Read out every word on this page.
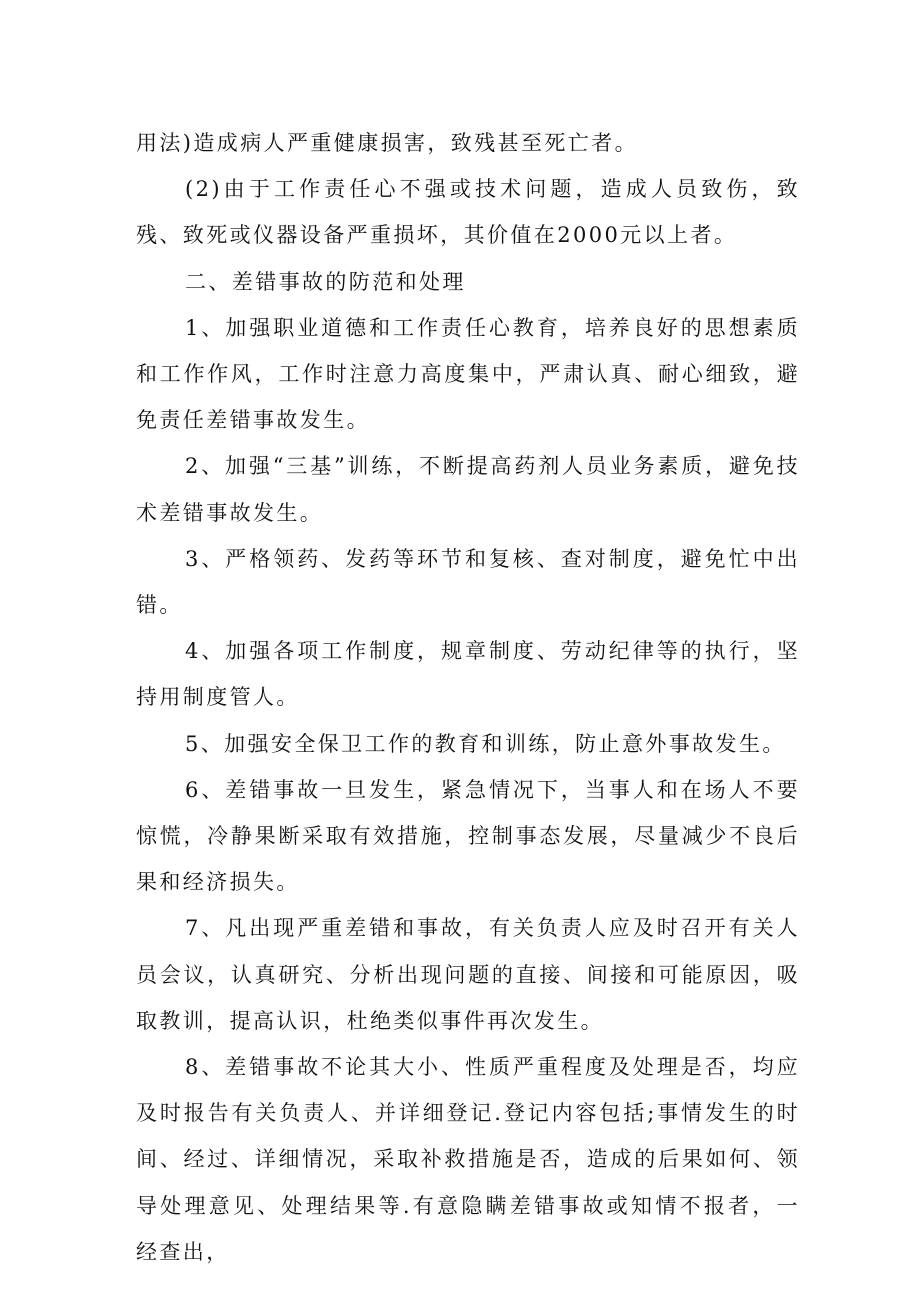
用法)造成病人严重健康损害，致残甚至死亡者。

(2)由于工作责任心不强或技术问题，造成人员致伤，致残、致死或仪器设备严重损坏，其价值在2000元以上者。

二、差错事故的防范和处理

1、加强职业道德和工作责任心教育，培养良好的思想素质和工作作风，工作时注意力高度集中，严肃认真、耐心细致，避免责任差错事故发生。

2、加强“三基”训练，不断提高药剂人员业务素质，避免技术差错事故发生。

3、严格领药、发药等环节和复核、查对制度，避免忙中出错。

4、加强各项工作制度，规章制度、劳动纪律等的执行，坚持用制度管人。

5、加强安全保卫工作的教育和训练，防止意外事故发生。

6、差错事故一旦发生，紧急情况下，当事人和在场人不要惊慌，冷静果断采取有效措施，控制事态发展，尽量减少不良后果和经济损失。

7、凡出现严重差错和事故，有关负责人应及时召开有关人员会议，认真研究、分析出现问题的直接、间接和可能原因，吸取教训，提高认识，杜绝类似事件再次发生。

8、差错事故不论其大小、性质严重程度及处理是否，均应及时报告有关负责人、并详细登记.登记内容包括;事情发生的时间、经过、详细情况，采取补救措施是否，造成的后果如何、领导处理意见、处理结果等.有意隐瞒差错事故或知情不报者，一经查出，
